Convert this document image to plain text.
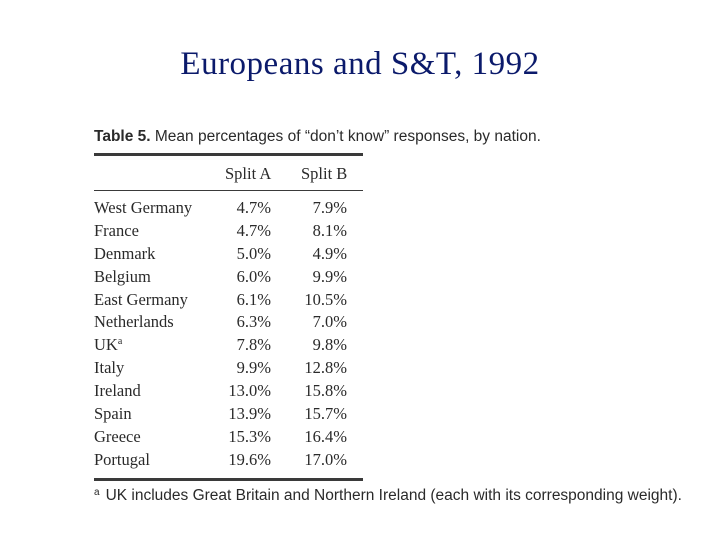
Europeans and S&T, 1992
Table 5. Mean percentages of “don’t know” responses, by nation.
Split A Split B
West Germany	4.7%	7.9%
France	4.7%	8.1%
Denmark	5.0%	4.9%
Belgium	6.0%	9.9%
East Germany	6.1% 10.5%
Netherlands	6.3%	7.0%
$UK^a$	7.8%	9.8%
Italy	9.9% 12.8%
Ireland	13.0% 15.8%
Spain	13.9% 15.7%
Greece	15.3% 16.4%
Portugal	19.6% 17.0%
$^a$ UK includes Great Britain and Northern Ireland (each with its corresponding weight).
